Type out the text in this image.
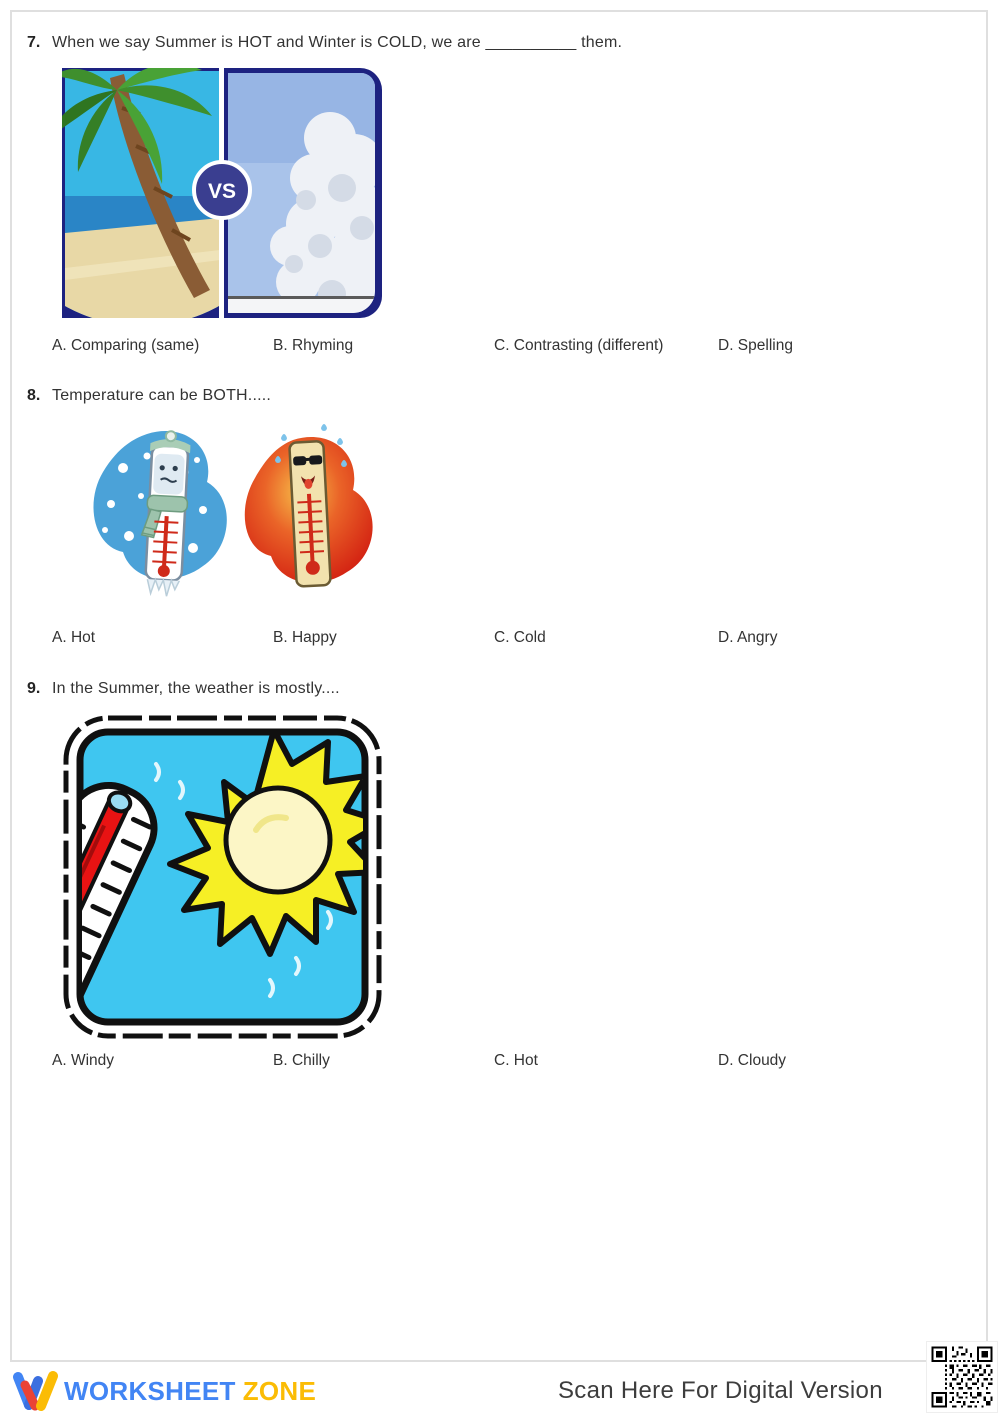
7. When we say Summer is HOT and Winter is COLD, we are __________ them.
VS
A. Comparing (same)	B. Rhyming	C. Contrasting (different)	D. Spelling
8. Temperature can be BOTH.....
A. Hot	B. Happy	C. Cold	D. Angry
9. In the Summer, the weather is mostly....
A. Windy	B. Chilly	C. Hot	D. Cloudy
WORKSHEET ZONE	Scan Here For Digital Version
